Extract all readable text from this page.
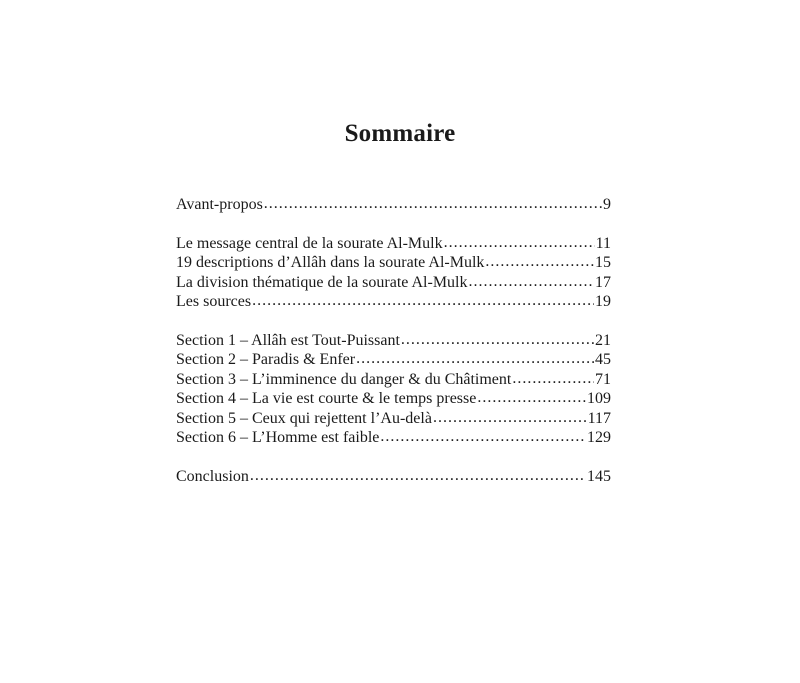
Sommaire
Avant-propos .....	9
Le message central de la sourate Al-Mulk .....	11
19 descriptions d’Allâh dans la sourate Al-Mulk .....	15
La division thématique de la sourate Al-Mulk .....	17
Les sources .....	19
Section 1 – Allâh est Tout-Puissant .....	21
Section 2 – Paradis & Enfer .....	45
Section 3 – L’imminence du danger & du Châtiment .....	71
Section 4 – La vie est courte & le temps presse .....	109
Section 5 – Ceux qui rejettent l’Au-delà .....	117
Section 6 – L’Homme est faible .....	129
Conclusion .....	145
